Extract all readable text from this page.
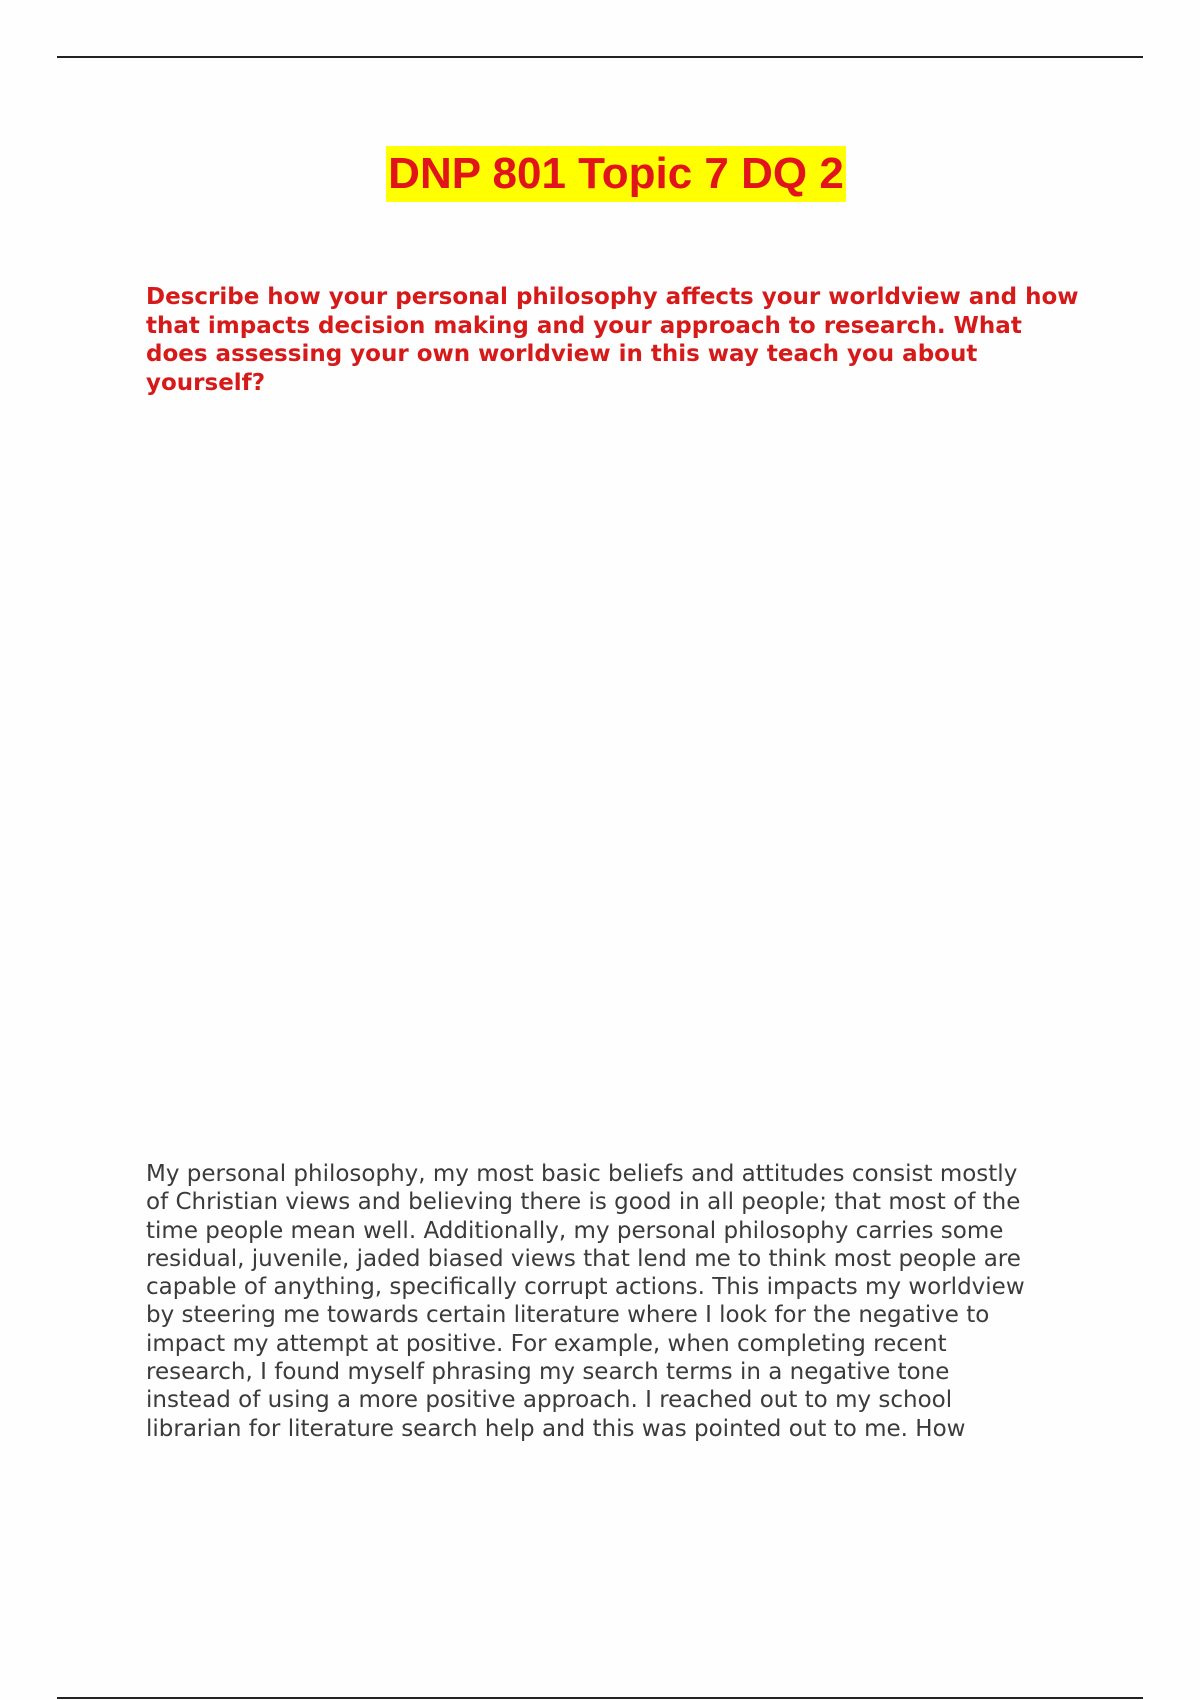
DNP 801 Topic 7 DQ 2

Describe how your personal philosophy affects your worldview and how that impacts decision making and your approach to research. What does assessing your own worldview in this way teach you about yourself?

My personal philosophy, my most basic beliefs and attitudes consist mostly
of Christian views and believing there is good in all people; that most of the
time people mean well. Additionally, my personal philosophy carries some
residual, juvenile, jaded biased views that lend me to think most people are
capable of anything, specifically corrupt actions. This impacts my worldview
by steering me towards certain literature where I look for the negative to
impact my attempt at positive. For example, when completing recent
research, I found myself phrasing my search terms in a negative tone
instead of using a more positive approach. I reached out to my school
librarian for literature search help and this was pointed out to me. How
